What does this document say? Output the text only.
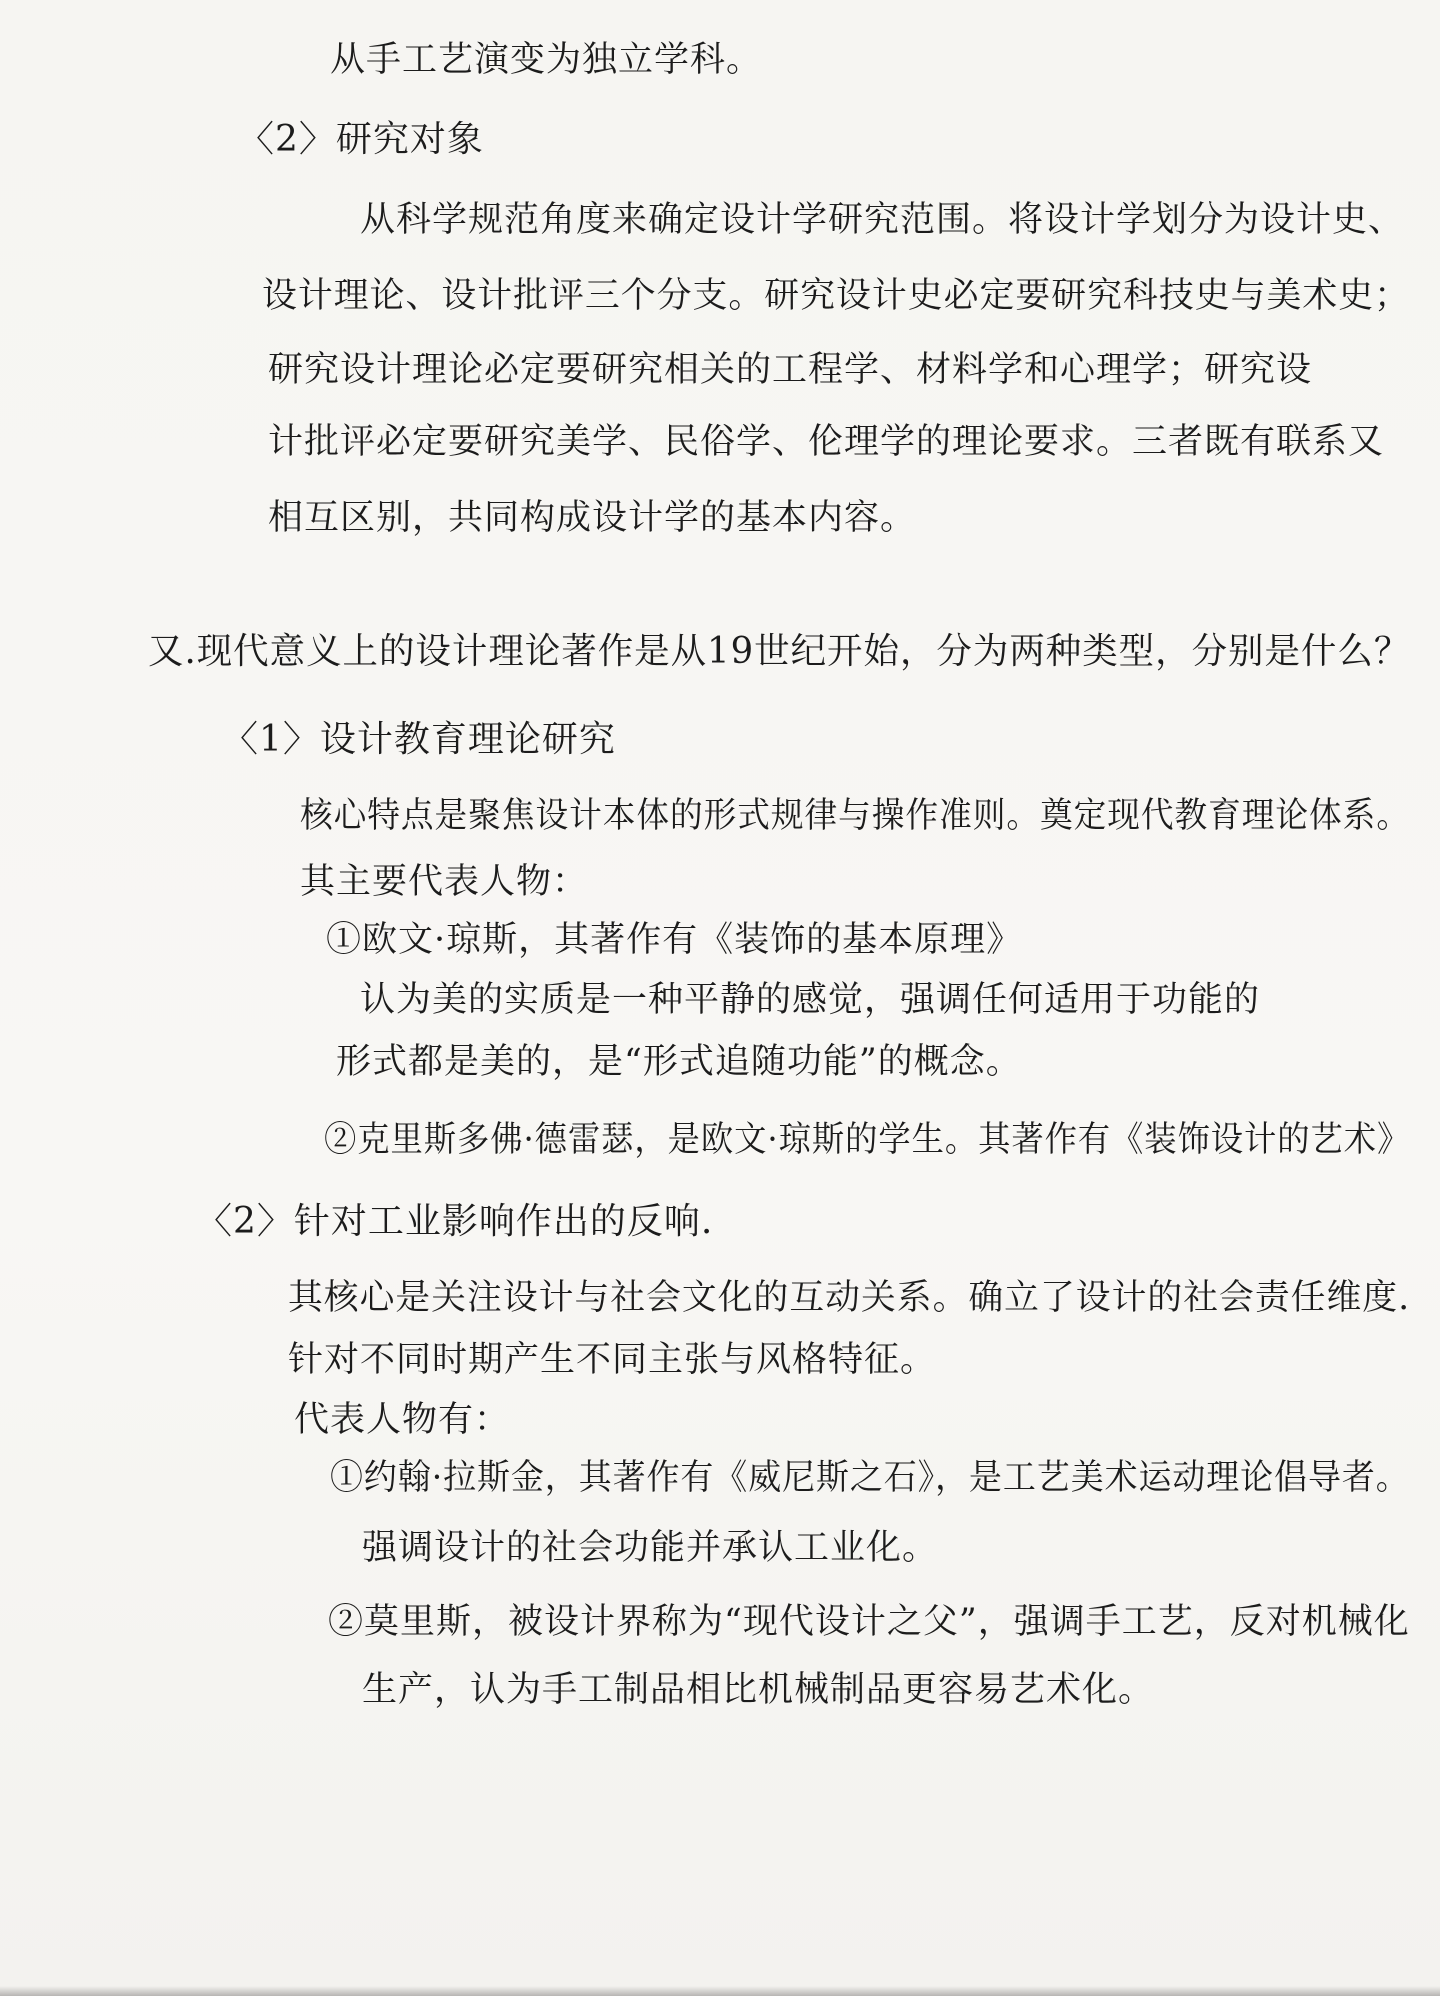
从手工艺演变为独立学科。
〈2〉研究对象
从科学规范角度来确定设计学研究范围。将设计学划分为设计史、
设计理论、设计批评三个分支。研究设计史必定要研究科技史与美术史；
研究设计理论必定要研究相关的工程学、材料学和心理学；研究设
计批评必定要研究美学、民俗学、伦理学的理论要求。三者既有联系又
相互区别，共同构成设计学的基本内容。
又.现代意义上的设计理论著作是从19世纪开始，分为两种类型，分别是什么？
〈1〉设计教育理论研究
核心特点是聚焦设计本体的形式规律与操作准则。奠定现代教育理论体系。
其主要代表人物：
①欧文·琼斯，其著作有《装饰的基本原理》
认为美的实质是一种平静的感觉，强调任何适用于功能的
形式都是美的，是“形式追随功能”的概念。
②克里斯多佛·德雷瑟，是欧文·琼斯的学生。其著作有《装饰设计的艺术》
〈2〉针对工业影响作出的反响.
其核心是关注设计与社会文化的互动关系。确立了设计的社会责任维度.
针对不同时期产生不同主张与风格特征。
代表人物有：
①约翰·拉斯金，其著作有《威尼斯之石》，是工艺美术运动理论倡导者。
强调设计的社会功能并承认工业化。
②莫里斯，被设计界称为“现代设计之父”，强调手工艺，反对机械化
生产，认为手工制品相比机械制品更容易艺术化。
